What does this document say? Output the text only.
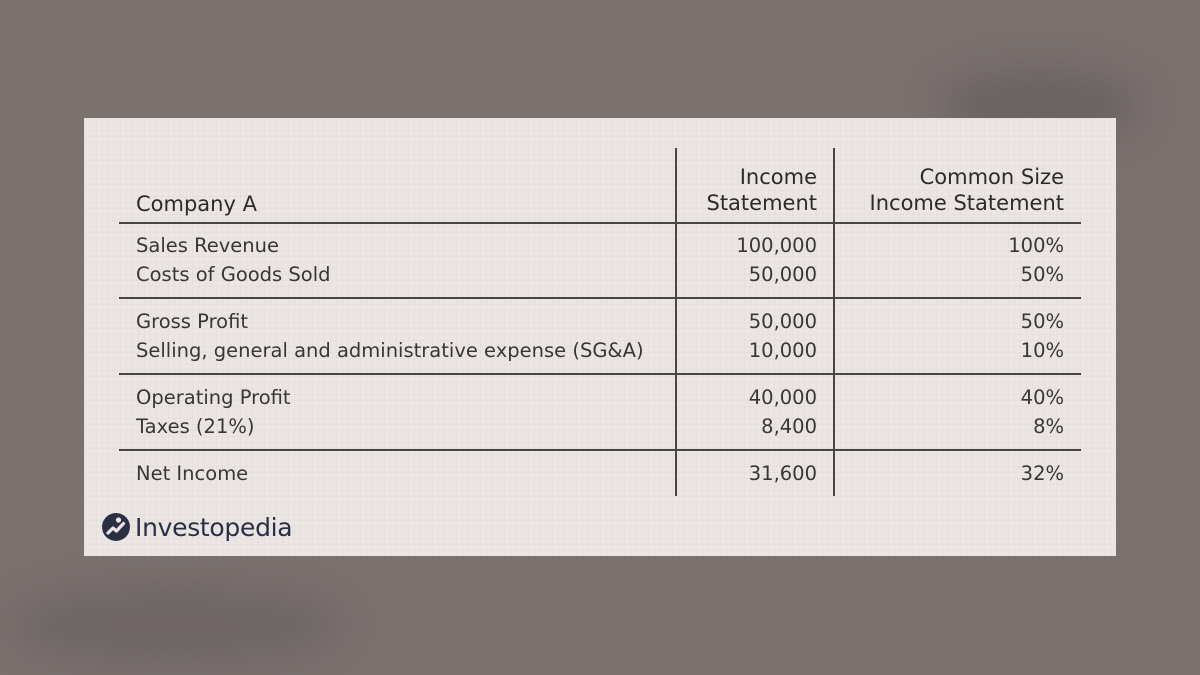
Company A
Income
Statement
Common Size
Income Statement
Sales Revenue
Costs of Goods Sold
100,000
50,000
100%
50%
Gross Profit
Selling, general and administrative expense (SG&A)
50,000
10,000
50%
10%
Operating Profit
Taxes (21%)
40,000
8,400
40%
8%
Net Income	31,600	32%
Investopedia
